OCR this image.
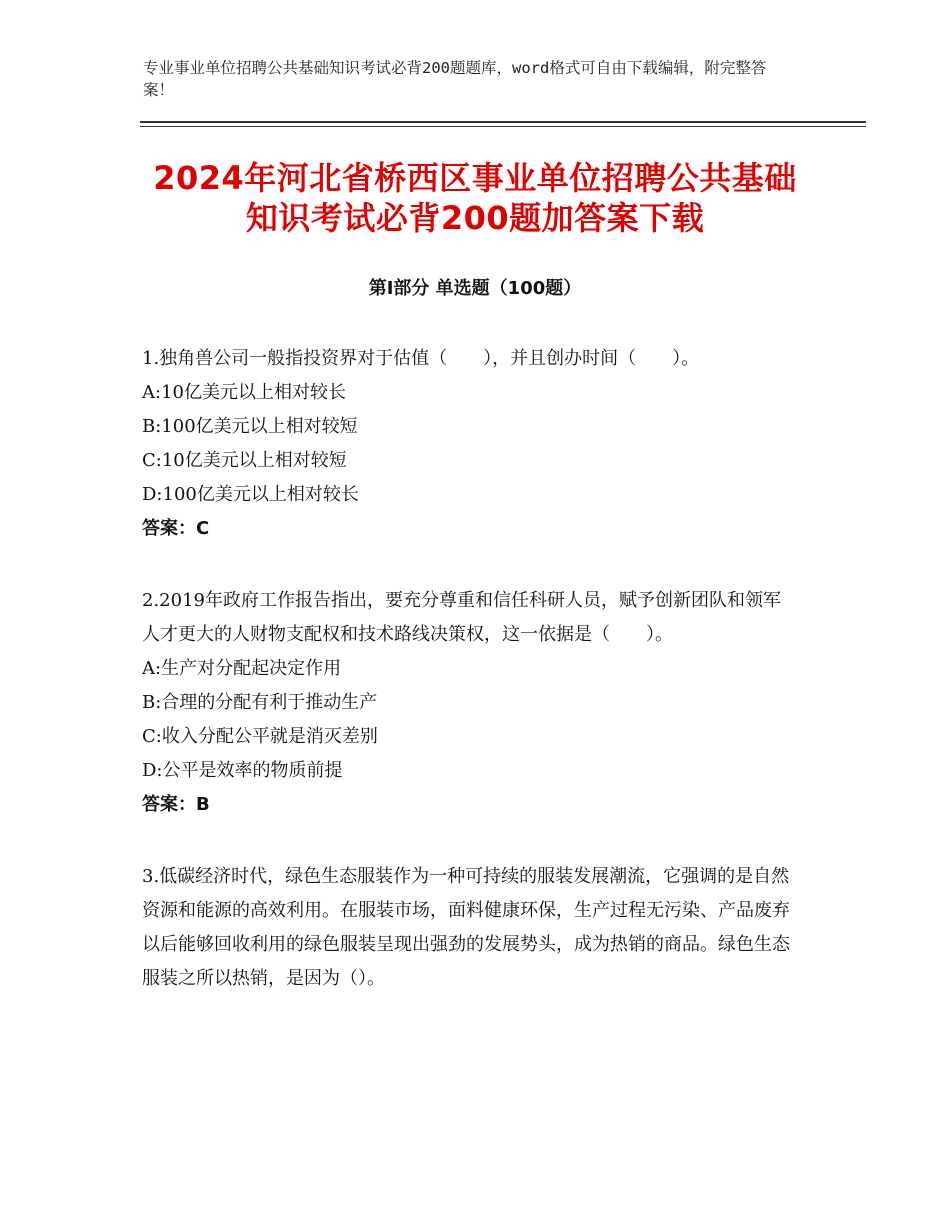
专业事业单位招聘公共基础知识考试必背200题题库，word格式可自由下载编辑，附完整答案！
2024年河北省桥西区事业单位招聘公共基础知识考试必背200题加答案下载
第Ⅰ部分 单选题（100题）

1.独角兽公司一般指投资界对于估值（　　），并且创办时间（　　）。

A:10亿美元以上相对较长

B:100亿美元以上相对较短

C:10亿美元以上相对较短

D:100亿美元以上相对较长

答案：C

2.2019年政府工作报告指出，要充分尊重和信任科研人员，赋予创新团队和领军人才更大的人财物支配权和技术路线决策权，这一依据是（　　）。

A:生产对分配起决定作用

B:合理的分配有利于推动生产

C:收入分配公平就是消灭差别

D:公平是效率的物质前提

答案：B

3.低碳经济时代，绿色生态服装作为一种可持续的服装发展潮流，它强调的是自然资源和能源的高效利用。在服装市场，面料健康环保，生产过程无污染、产品废弃以后能够回收利用的绿色服装呈现出强劲的发展势头，成为热销的商品。绿色生态服装之所以热销，是因为（）。
